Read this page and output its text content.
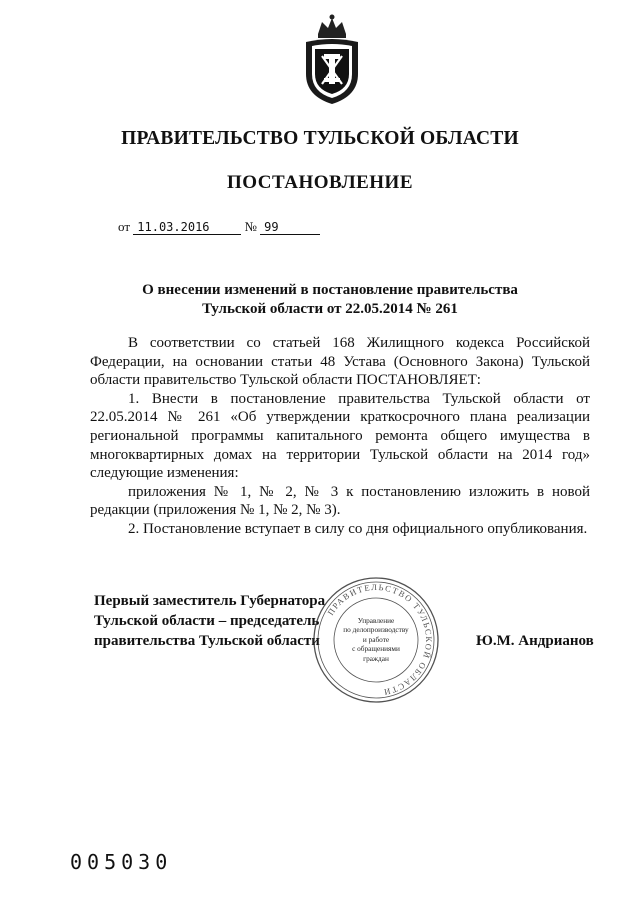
ПРАВИТЕЛЬСТВО ТУЛЬСКОЙ ОБЛАСТИ
ПОСТАНОВЛЕНИЕ
от 11.03.2016	№ 99
О внесении изменений в постановление правительства
Тульской области от 22.05.2014 № 261

В соответствии со статьей 168 Жилищного кодекса Российской Федерации, на основании статьи 48 Устава (Основного Закона) Тульской области правительство Тульской области ПОСТАНОВЛЯЕТ:

1. Внести в постановление правительства Тульской области от 22.05.2014 № 261 «Об утверждении краткосрочного плана реализации региональной программы капитального ремонта общего имущества в многоквартирных домах на территории Тульской области на 2014 год» следующие изменения:

приложения № 1, № 2, № 3 к постановлению изложить в новой редакции (приложения № 1, № 2, № 3).

2. Постановление вступает в силу со дня официального опубликования.

Первый заместитель Губернатора
Тульской области – председатель
правительства Тульской области
ПРАВИТЕЛЬСТВО ТУЛЬСКОЙ ОБЛАСТИ
Управление
по делопроизводству
и работе
с обращениями
граждан
Ю.М. Андрианов
005030
